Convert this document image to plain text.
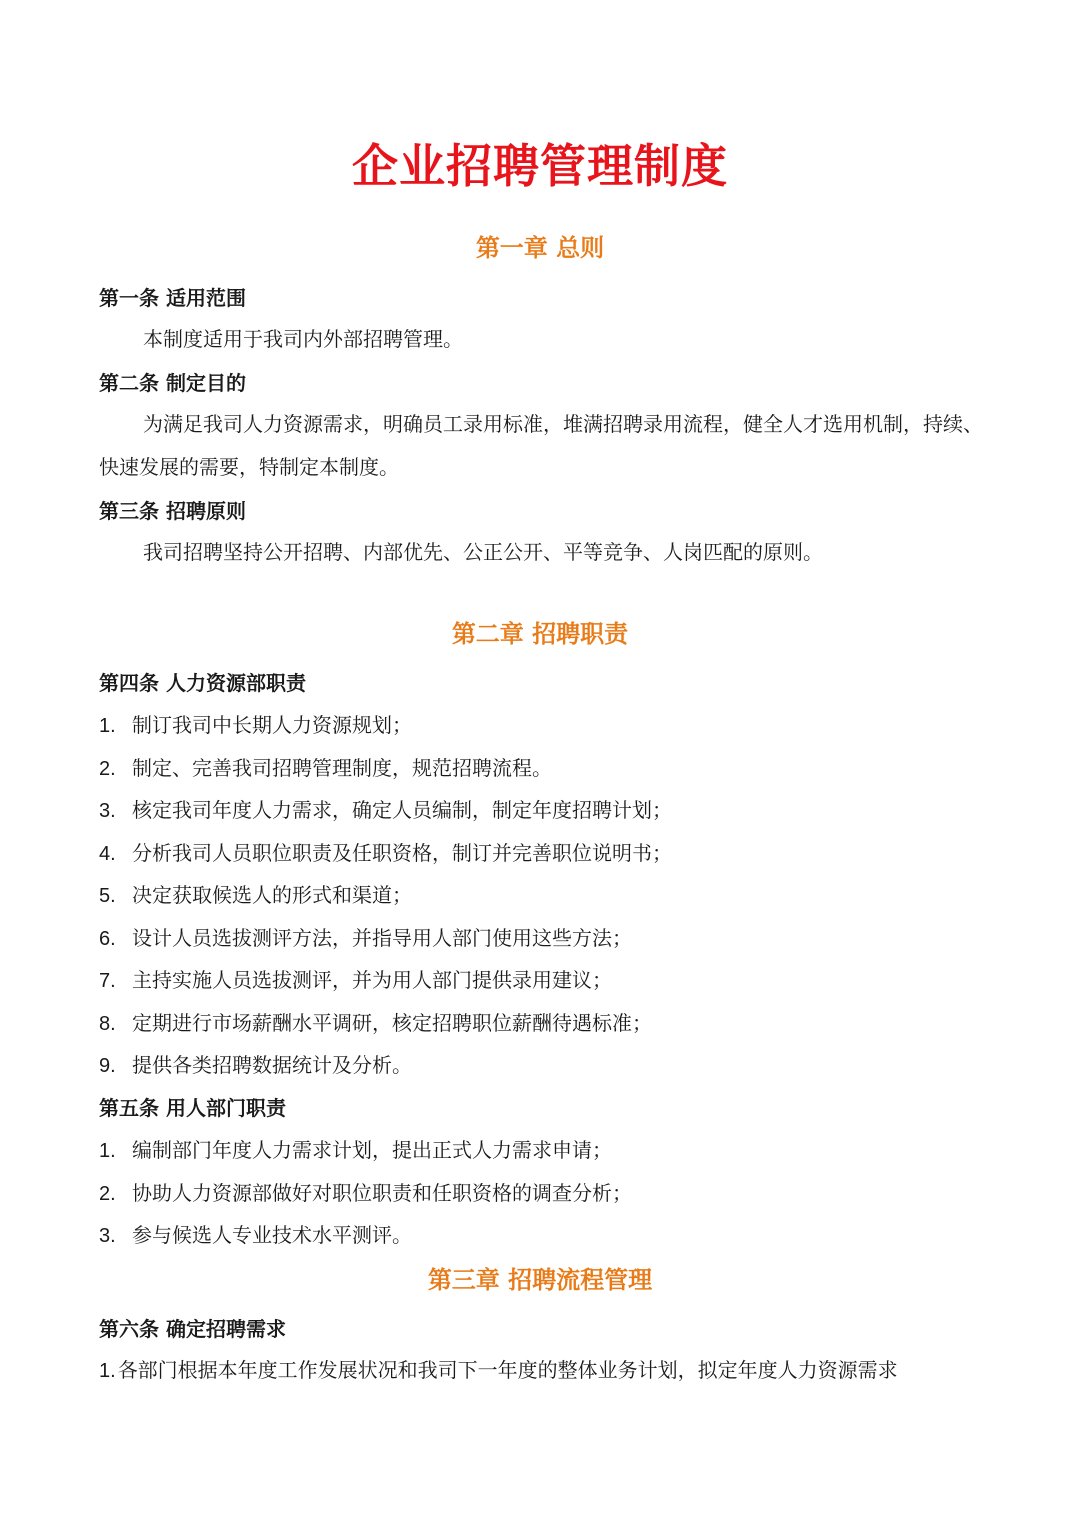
企业招聘管理制度
第一章 总则
第一条 适用范围
本制度适用于我司内外部招聘管理。
第二条 制定目的
为满足我司人力资源需求，明确员工录用标准，堆满招聘录用流程，健全人才选用机制，持续、快速发展的需要，特制定本制度。
第三条 招聘原则
我司招聘坚持公开招聘、内部优先、公正公开、平等竞争、人岗匹配的原则。
第二章 招聘职责
第四条 人力资源部职责
1. 制订我司中长期人力资源规划；
2. 制定、完善我司招聘管理制度，规范招聘流程。
3. 核定我司年度人力需求，确定人员编制，制定年度招聘计划；
4. 分析我司人员职位职责及任职资格，制订并完善职位说明书；
5. 决定获取候选人的形式和渠道；
6. 设计人员选拔测评方法，并指导用人部门使用这些方法；
7. 主持实施人员选拔测评，并为用人部门提供录用建议；
8. 定期进行市场薪酬水平调研，核定招聘职位薪酬待遇标准；
9. 提供各类招聘数据统计及分析。
第五条 用人部门职责
1. 编制部门年度人力需求计划，提出正式人力需求申请；
2. 协助人力资源部做好对职位职责和任职资格的调查分析；
3. 参与候选人专业技术水平测评。
第三章 招聘流程管理
第六条 确定招聘需求
1. 各部门根据本年度工作发展状况和我司下一年度的整体业务计划，拟定年度人力资源需求
